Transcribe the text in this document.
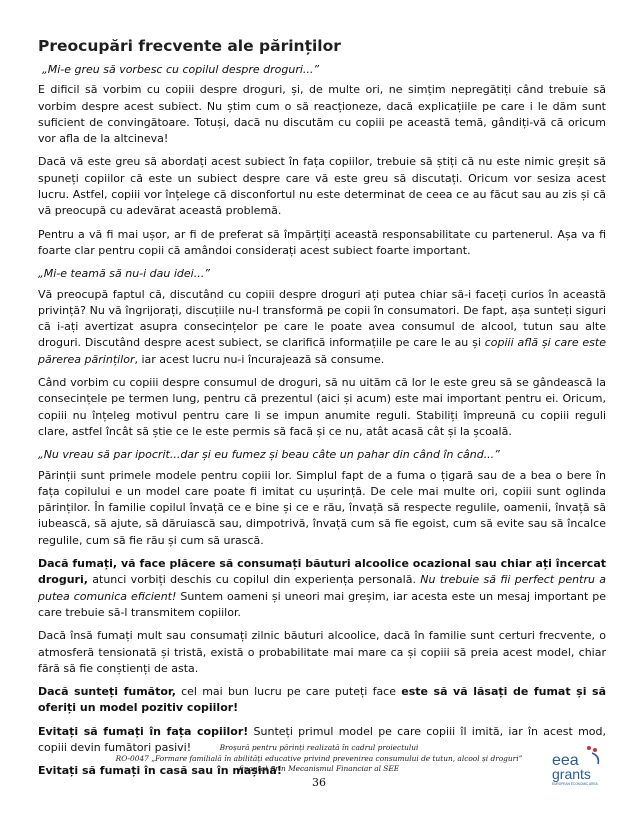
Preocupări frecvente ale părinților

„Mi-e greu să vorbesc cu copilul despre droguri...”

E dificil să vorbim cu copiii despre droguri, și, de multe ori, ne simțim nepregătiți când trebuie să vorbim despre acest subiect. Nu știm cum o să reacționeze, dacă explicațiile pe care i le dăm sunt suficient de convingătoare. Totuși, dacă nu discutăm cu copiii pe această temă, gândiți-vă că oricum vor afla de la altcineva!

Dacă vă este greu să abordați acest subiect în fața copiilor, trebuie să știți că nu este nimic greșit să spuneți copiilor că este un subiect despre care vă este greu să discutați. Oricum vor sesiza acest lucru. Astfel, copiii vor înțelege că disconfortul nu este determinat de ceea ce au făcut sau au zis și că vă preocupă cu adevărat această problemă.

Pentru a vă fi mai ușor, ar fi de preferat să împărțiți această responsabilitate cu partenerul. Așa va fi foarte clar pentru copii că amândoi considerați acest subiect foarte important.

„Mi-e teamă să nu-i dau idei...”

Vă preocupă faptul că, discutând cu copiii despre droguri ați putea chiar să-i faceți curios în această privință? Nu vă îngrijorați, discuțiile nu-l transformă pe copii în consumatori. De fapt, așa sunteți siguri că i-ați avertizat asupra consecințelor pe care le poate avea consumul de alcool, tutun sau alte droguri. Discutând despre acest subiect, se clarifică informațiile pe care le au și copiii află și care este părerea părinților, iar acest lucru nu-i încurajează să consume.

Când vorbim cu copiii despre consumul de droguri, să nu uităm că lor le este greu să se gândească la consecințele pe termen lung, pentru că prezentul (aici și acum) este mai important pentru ei. Oricum, copiii nu înțeleg motivul pentru care li se impun anumite reguli. Stabiliți împreună cu copiii reguli clare, astfel încât să știe ce le este permis să facă și ce nu, atât acasă cât și la școală.

„Nu vreau să par ipocrit...dar și eu fumez și beau câte un pahar din când în când...”

Părinții sunt primele modele pentru copiii lor. Simplul fapt de a fuma o țigară sau de a bea o bere în fața copilului e un model care poate fi imitat cu ușurință. De cele mai multe ori, copiii sunt oglinda părinților. În familie copilul învață ce e bine și ce e rău, învață să respecte regulile, oamenii, învață să iubească, să ajute, să dăruiască sau, dimpotrivă, învață cum să fie egoist, cum să evite sau să încalce regulile, cum să fie rău și cum să urască.

Dacă fumați, vă face plăcere să consumați băuturi alcoolice ocazional sau chiar ați încercat droguri, atunci vorbiți deschis cu copilul din experiența personală. Nu trebuie să fii perfect pentru a putea comunica eficient! Suntem oameni și uneori mai greșim, iar acesta este un mesaj important pe care trebuie să-l transmitem copiilor.

Dacă însă fumați mult sau consumați zilnic băuturi alcoolice, dacă în familie sunt certuri frecvente, o atmosferă tensionată și tristă, există o probabilitate mai mare ca și copiii să preia acest model, chiar fără să fie conștienți de asta.

Dacă sunteți fumător, cel mai bun lucru pe care puteți face este să vă lăsați de fumat și să oferiți un model pozitiv copiilor!

Evitați să fumați în fața copiilor! Sunteți primul model pe care copiii îl imită, iar în acest mod, copiii devin fumători pasivi!

Evitați să fumați în casă sau în mașină!

Broșură pentru părinți realizată în cadrul proiectului
RO-0047 „Formare familială în abilități educative privind prevenirea consumului de tutun, alcool și droguri”
finanțat prin Mecanismul Financiar al SEE
36
eea
grants
EUROPEAN ECONOMIC AREA
